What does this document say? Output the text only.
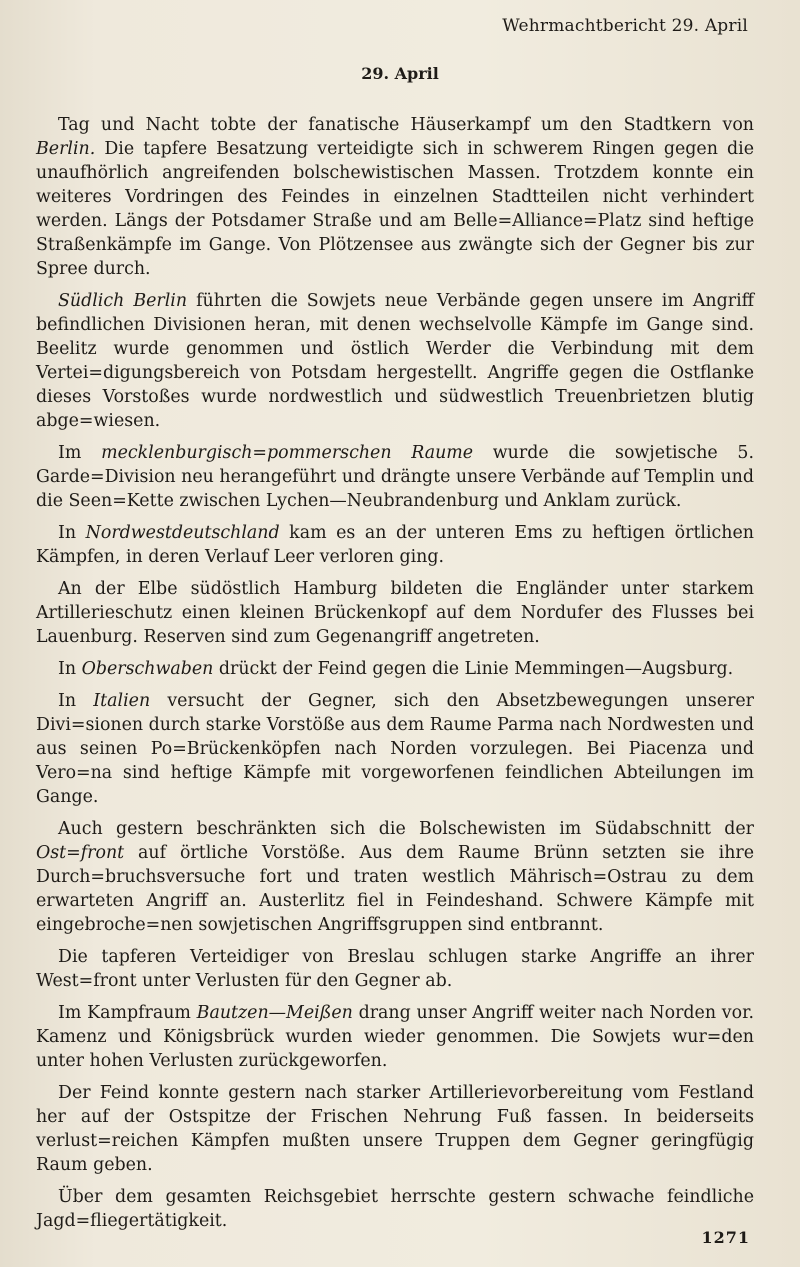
Wehrmachtbericht 29. April
29. April

Tag und Nacht tobte der fanatische Häuserkampf um den Stadtkern von Berlin. Die tapfere Besatzung verteidigte sich in schwerem Ringen gegen die unaufhörlich angreifenden bolschewistischen Massen. Trotzdem konnte ein weiteres Vordringen des Feindes in einzelnen Stadtteilen nicht verhindert werden. Längs der Potsdamer Straße und am Belle=Alliance=Platz sind heftige Straßenkämpfe im Gange. Von Plötzensee aus zwängte sich der Gegner bis zur Spree durch.

Südlich Berlin führten die Sowjets neue Verbände gegen unsere im Angriff befindlichen Divisionen heran, mit denen wechselvolle Kämpfe im Gange sind. Beelitz wurde genommen und östlich Werder die Verbindung mit dem Vertei=digungsbereich von Potsdam hergestellt. Angriffe gegen die Ostflanke dieses Vorstoßes wurde nordwestlich und südwestlich Treuenbrietzen blutig abge=wiesen.

Im mecklenburgisch=pommerschen Raume wurde die sowjetische 5. Garde=Division neu herangeführt und drängte unsere Verbände auf Templin und die Seen=Kette zwischen Lychen—Neubrandenburg und Anklam zurück.

In Nordwestdeutschland kam es an der unteren Ems zu heftigen örtlichen Kämpfen, in deren Verlauf Leer verloren ging.

An der Elbe südöstlich Hamburg bildeten die Engländer unter starkem Artillerieschutz einen kleinen Brückenkopf auf dem Nordufer des Flusses bei Lauenburg. Reserven sind zum Gegenangriff angetreten.

In Oberschwaben drückt der Feind gegen die Linie Memmingen—Augsburg.

In Italien versucht der Gegner, sich den Absetzbewegungen unserer Divi=sionen durch starke Vorstöße aus dem Raume Parma nach Nordwesten und aus seinen Po=Brückenköpfen nach Norden vorzulegen. Bei Piacenza und Vero=na sind heftige Kämpfe mit vorgeworfenen feindlichen Abteilungen im Gange.

Auch gestern beschränkten sich die Bolschewisten im Südabschnitt der Ost=front auf örtliche Vorstöße. Aus dem Raume Brünn setzten sie ihre Durch=bruchsversuche fort und traten westlich Mährisch=Ostrau zu dem erwarteten Angriff an. Austerlitz fiel in Feindeshand. Schwere Kämpfe mit eingebroche=nen sowjetischen Angriffsgruppen sind entbrannt.

Die tapferen Verteidiger von Breslau schlugen starke Angriffe an ihrer West=front unter Verlusten für den Gegner ab.

Im Kampfraum Bautzen—Meißen drang unser Angriff weiter nach Norden vor. Kamenz und Königsbrück wurden wieder genommen. Die Sowjets wur=den unter hohen Verlusten zurückgeworfen.

Der Feind konnte gestern nach starker Artillerievorbereitung vom Festland her auf der Ostspitze der Frischen Nehrung Fuß fassen. In beiderseits verlust=reichen Kämpfen mußten unsere Truppen dem Gegner geringfügig Raum geben.

Über dem gesamten Reichsgebiet herrschte gestern schwache feindliche Jagd=fliegertätigkeit.

1271
